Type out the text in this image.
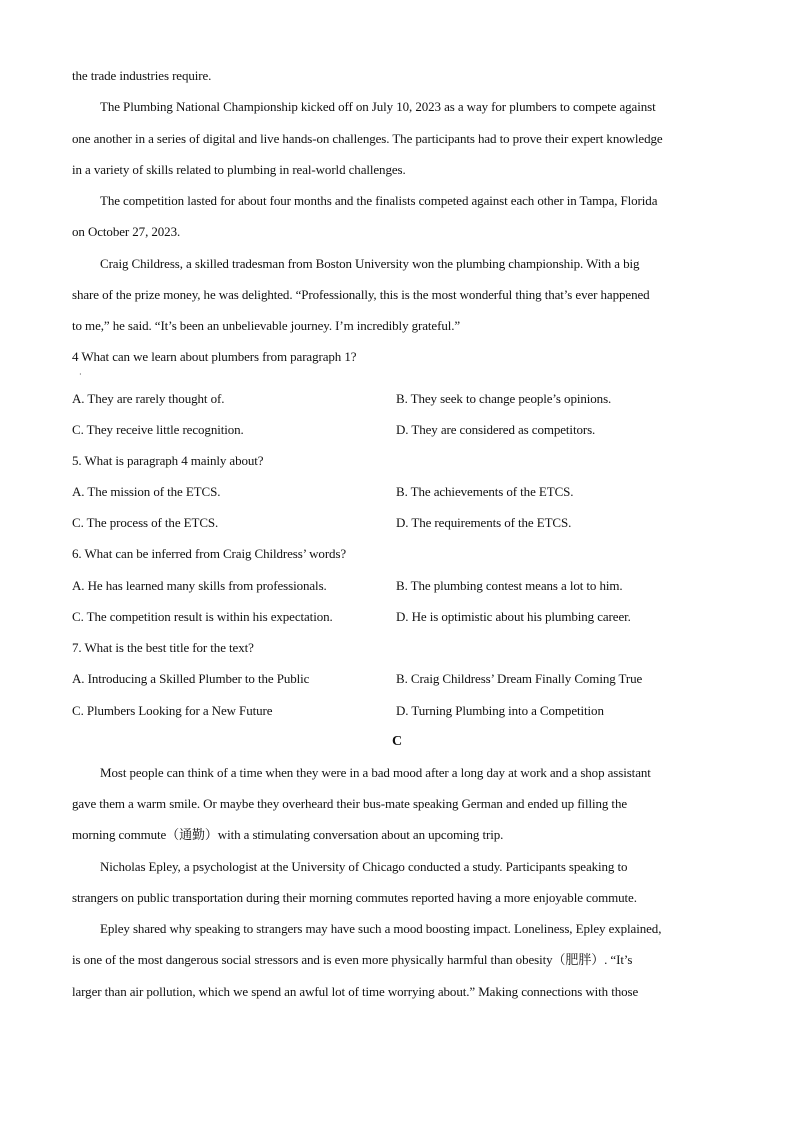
the trade industries require.
The Plumbing National Championship kicked off on July 10, 2023 as a way for plumbers to compete against
one another in a series of digital and live hands-on challenges. The participants had to prove their expert knowledge
in a variety of skills related to plumbing in real-world challenges.
The competition lasted for about four months and the finalists competed against each other in Tampa, Florida
on October 27, 2023.
Craig Childress, a skilled tradesman from Boston University won the plumbing championship. With a big
share of the prize money, he was delighted. “Professionally, this is the most wonderful thing that’s ever happened
to me,” he said. “It’s been an unbelievable journey. I’m incredibly grateful.”
4 What can we learn about plumbers from paragraph 1?
·
A. They are rarely thought of.	B. They seek to change people’s opinions.
C. They receive little recognition.	D. They are considered as competitors.
5. What is paragraph 4 mainly about?
A. The mission of the ETCS.	B. The achievements of the ETCS.
C. The process of the ETCS.	D. The requirements of the ETCS.
6. What can be inferred from Craig Childress’ words?
A. He has learned many skills from professionals.	B. The plumbing contest means a lot to him.
C. The competition result is within his expectation.	D. He is optimistic about his plumbing career.
7. What is the best title for the text?
A. Introducing a Skilled Plumber to the Public	B. Craig Childress’ Dream Finally Coming True
C. Plumbers Looking for a New Future	D. Turning Plumbing into a Competition
C
Most people can think of a time when they were in a bad mood after a long day at work and a shop assistant
gave them a warm smile. Or maybe they overheard their bus-mate speaking German and ended up filling the
morning commute（通勤）with a stimulating conversation about an upcoming trip.
Nicholas Epley, a psychologist at the University of Chicago conducted a study. Participants speaking to
strangers on public transportation during their morning commutes reported having a more enjoyable commute.
Epley shared why speaking to strangers may have such a mood boosting impact. Loneliness, Epley explained,
is one of the most dangerous social stressors and is even more physically harmful than obesity（肥胖）. “It’s
larger than air pollution, which we spend an awful lot of time worrying about.” Making connections with those
